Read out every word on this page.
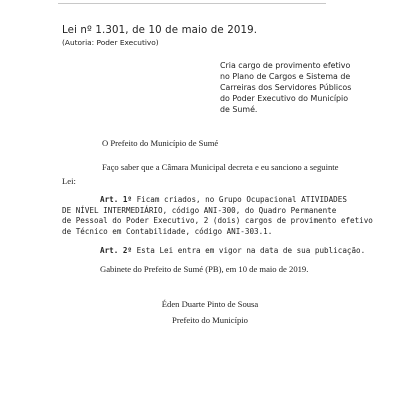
Lei nº 1.301, de 10 de maio de 2019.
(Autoria: Poder Executivo)
Cria cargo de provimento efetivo
no Plano de Cargos e Sistema de
Carreiras dos Servidores Públicos
do Poder Executivo do Município
de Sumé.
O Prefeito do Município de Sumé
Faço saber que a Câmara Municipal decreta e eu sanciono a seguinte
Lei:
Art. 1º Ficam criados, no Grupo Ocupacional ATIVIDADES
DE NÍVEL INTERMEDIÁRIO, código ANI-300, do Quadro Permanente
de Pessoal do Poder Executivo, 2 (dois) cargos de provimento efetivo
de Técnico em Contabilidade, código ANI-303.1.
Art. 2º Esta Lei entra em vigor na data de sua publicação.
Gabinete do Prefeito de Sumé (PB), em 10 de maio de 2019.
Éden Duarte Pinto de Sousa
Prefeito do Município
